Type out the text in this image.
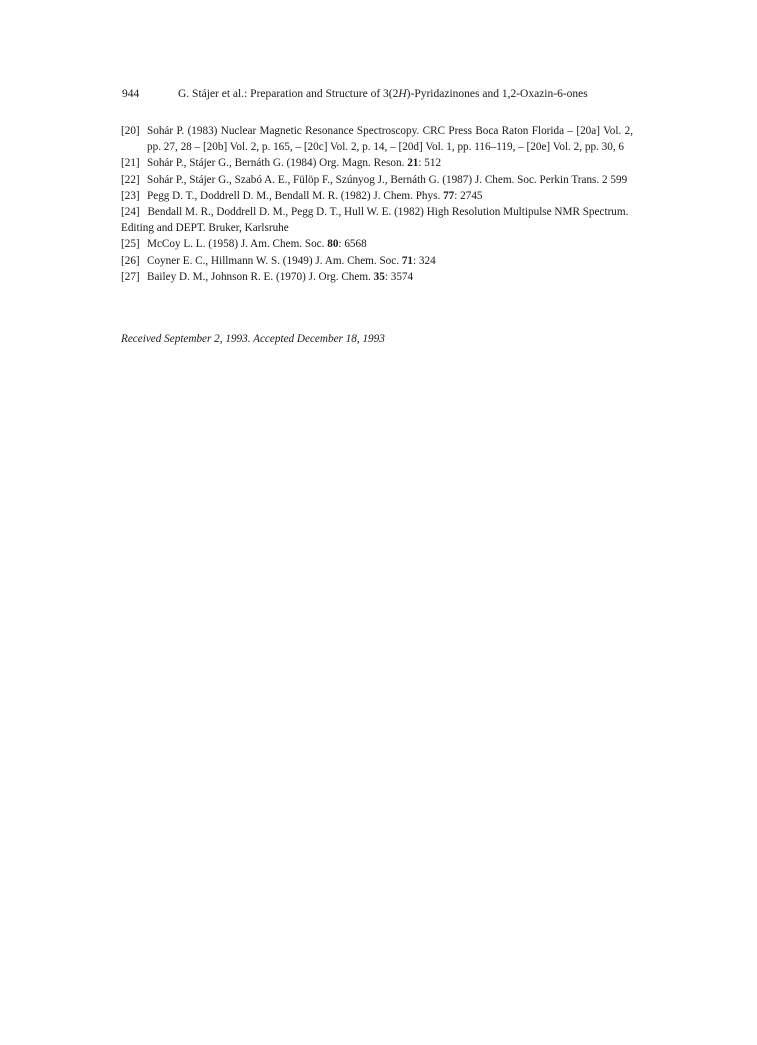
944	G. Stájer et al.: Preparation and Structure of 3(2H)-Pyridazinones and 1,2-Oxazin-6-ones
[20] Sohár P. (1983) Nuclear Magnetic Resonance Spectroscopy. CRC Press Boca Raton Florida – [20a] Vol. 2, pp. 27, 28 – [20b] Vol. 2, p. 165, – [20c] Vol. 2, p. 14, – [20d] Vol. 1, pp. 116–119, – [20e] Vol. 2, pp. 30, 6
[21] Sohár P., Stájer G., Bernáth G. (1984) Org. Magn. Reson. 21: 512
[22] Sohár P., Stájer G., Szabó A. E., Fülöp F., Szúnyog J., Bernáth G. (1987) J. Chem. Soc. Perkin Trans. 2 599
[23] Pegg D. T., Doddrell D. M., Bendall M. R. (1982) J. Chem. Phys. 77: 2745
[24] Bendall M. R., Doddrell D. M., Pegg D. T., Hull W. E. (1982) High Resolution Multipulse NMR Spectrum. Editing and DEPT. Bruker, Karlsruhe
[25] McCoy L. L. (1958) J. Am. Chem. Soc. 80: 6568
[26] Coyner E. C., Hillmann W. S. (1949) J. Am. Chem. Soc. 71: 324
[27] Bailey D. M., Johnson R. E. (1970) J. Org. Chem. 35: 3574
Received September 2, 1993. Accepted December 18, 1993
